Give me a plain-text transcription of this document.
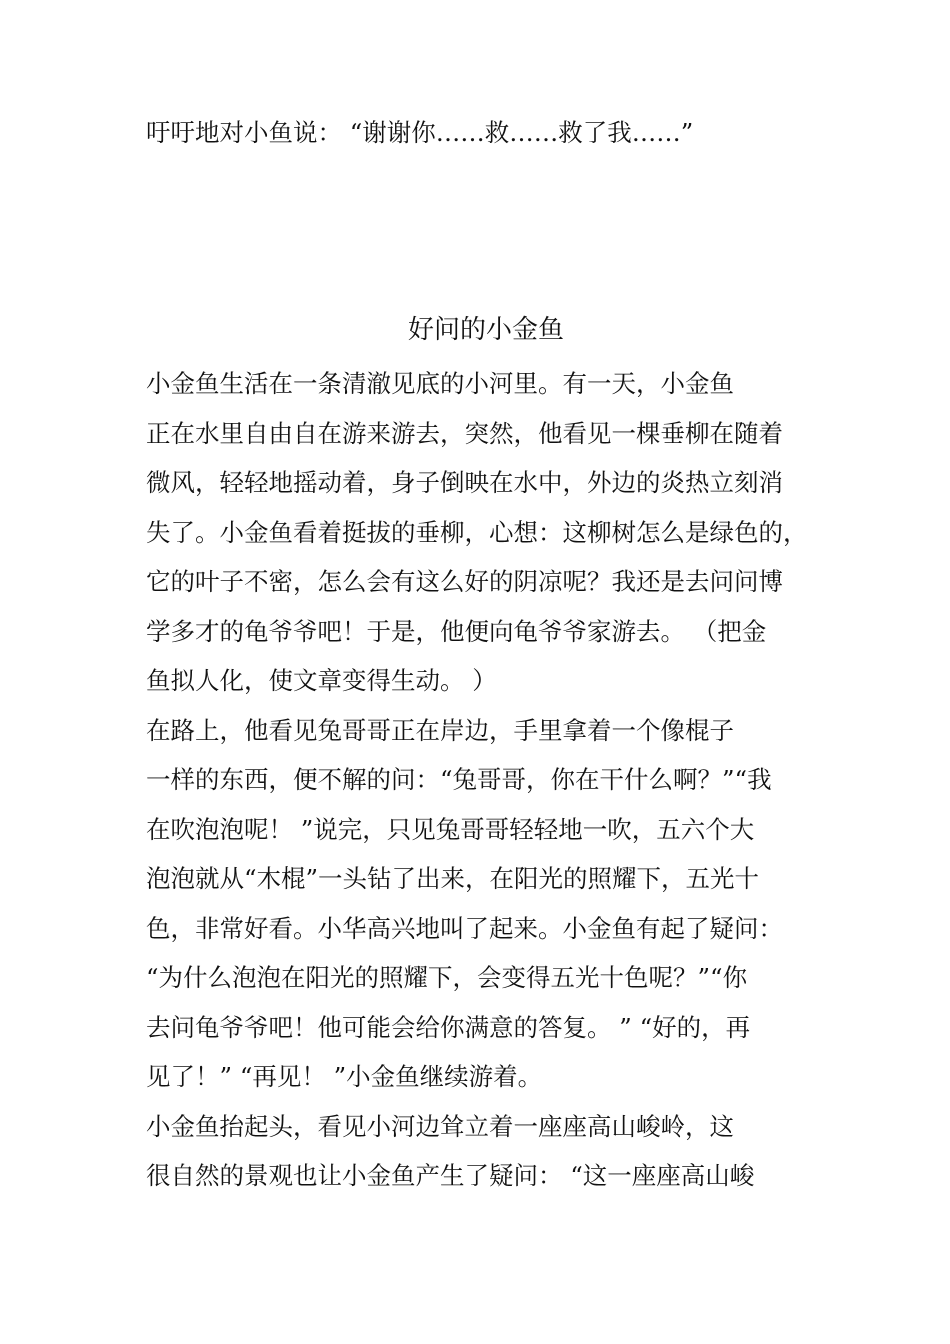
吁吁地对小鱼说： “谢谢你……救……救了我……”
好问的小金鱼
小金鱼生活在一条清澈见底的小河里。有一天，小金鱼
正在水里自由自在游来游去，突然，他看见一棵垂柳在随着
微风，轻轻地摇动着，身子倒映在水中，外边的炎热立刻消
失了。小金鱼看着挺拔的垂柳，心想：这柳树怎么是绿色的，
它的叶子不密，怎么会有这么好的阴凉呢？我还是去问问博
学多才的龟爷爷吧！于是，他便向龟爷爷家游去。 （把金
鱼拟人化，使文章变得生动。 ）
在路上，他看见兔哥哥正在岸边，手里拿着一个像棍子
一样的东西，便不解的问：“兔哥哥，你在干什么啊？”“我
在吹泡泡呢！ ”说完，只见兔哥哥轻轻地一吹，五六个大
泡泡就从“木棍”一头钻了出来，在阳光的照耀下，五光十
色，非常好看。小华高兴地叫了起来。小金鱼有起了疑问：
“为什么泡泡在阳光的照耀下，会变得五光十色呢？”“你
去问龟爷爷吧！他可能会给你满意的答复。 ” “好的，再
见了！” “再见！ ”小金鱼继续游着。
小金鱼抬起头，看见小河边耸立着一座座高山峻岭，这
很自然的景观也让小金鱼产生了疑问： “这一座座高山峻
